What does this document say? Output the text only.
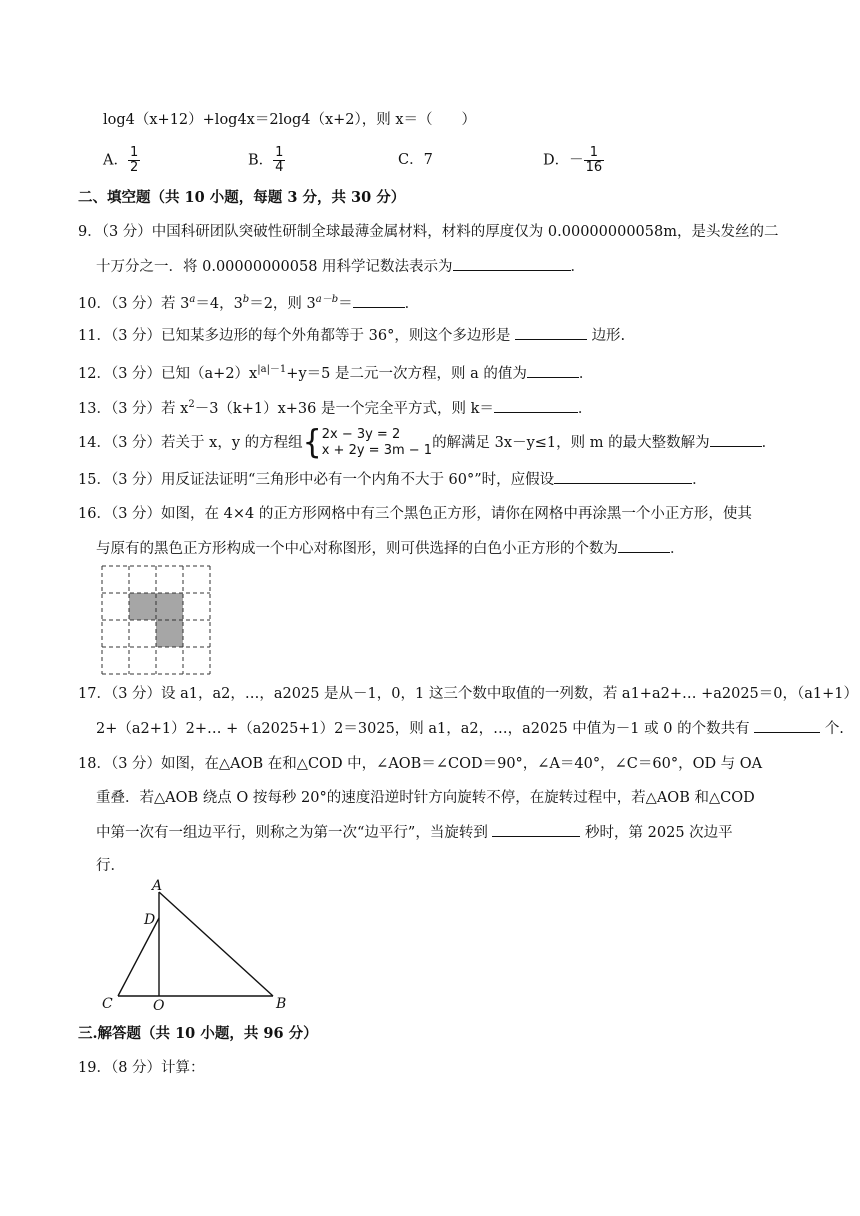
log4（x+12）+log4x＝2log4（x+2），则 x＝（　　）
A． $\frac{1}{2}$	B． $\frac{1}{4}$	C．7	D．－ $\frac{1}{16}$
二、填空题（共 10 小题，每题 3 分，共 30 分）
9．（3 分）中国科研团队突破性研制全球最薄金属材料，材料的厚度仅为 0.00000000058m，是头发丝的二
十万分之一．将 0.00000000058 用科学记数法表示为	．
10．（3 分）若 $3^a=4$，$3^b=2$，则 $3^{a-b}=$	．
11．（3 分）已知某多边形的每个外角都等于 36°，则这个多边形是	边形.
12．（3 分）已知$(a+2)x^{|a|-1}+y=5$ 是二元一次方程，则 a 的值为	．
13．（3 分）若 $x^2-3(k+1)x+36$ 是一个完全平方式，则 k＝	．
14．（3 分）若关于 x，y 的方程组{ 2x − 3y = 2
x + 2y = 3m − 1 的解满足 3x－y≤1，则 m 的最大整数解为	．
15．（3 分）用反证法证明“三角形中必有一个内角不大于 60°”时，应假设	．
16．（3 分）如图，在 4×4 的正方形网格中有三个黑色正方形，请你在网格中再涂黑一个小正方形，使其
与原有的黑色正方形构成一个中心对称图形，则可供选择的白色小正方形的个数为	．
17．（3 分）设 a1，a2，…，a2025 是从－1，0，1 这三个数中取值的一列数，若 a1+a2+… +a2025＝0，（a1+1）
2+（a2+1）2+… +（a2025+1）2＝3025，则 a1，a2，…，a2025 中值为－1 或 0 的个数共有	个.
18．（3 分）如图，在△AOB 在和△COD 中，∠AOB＝∠COD＝90°，∠A＝40°，∠C＝60°，OD 与 OA
重叠．若△AOB 绕点 O 按每秒 20°的速度沿逆时针方向旋转不停，在旋转过程中，若△AOB 和△COD
中第一次有一组边平行，则称之为第一次“边平行”，当旋转到	秒时，第 2025 次边平
行．
A
D
C	O	B
三.解答题（共 10 小题，共 96 分）
19．（8 分）计算：
